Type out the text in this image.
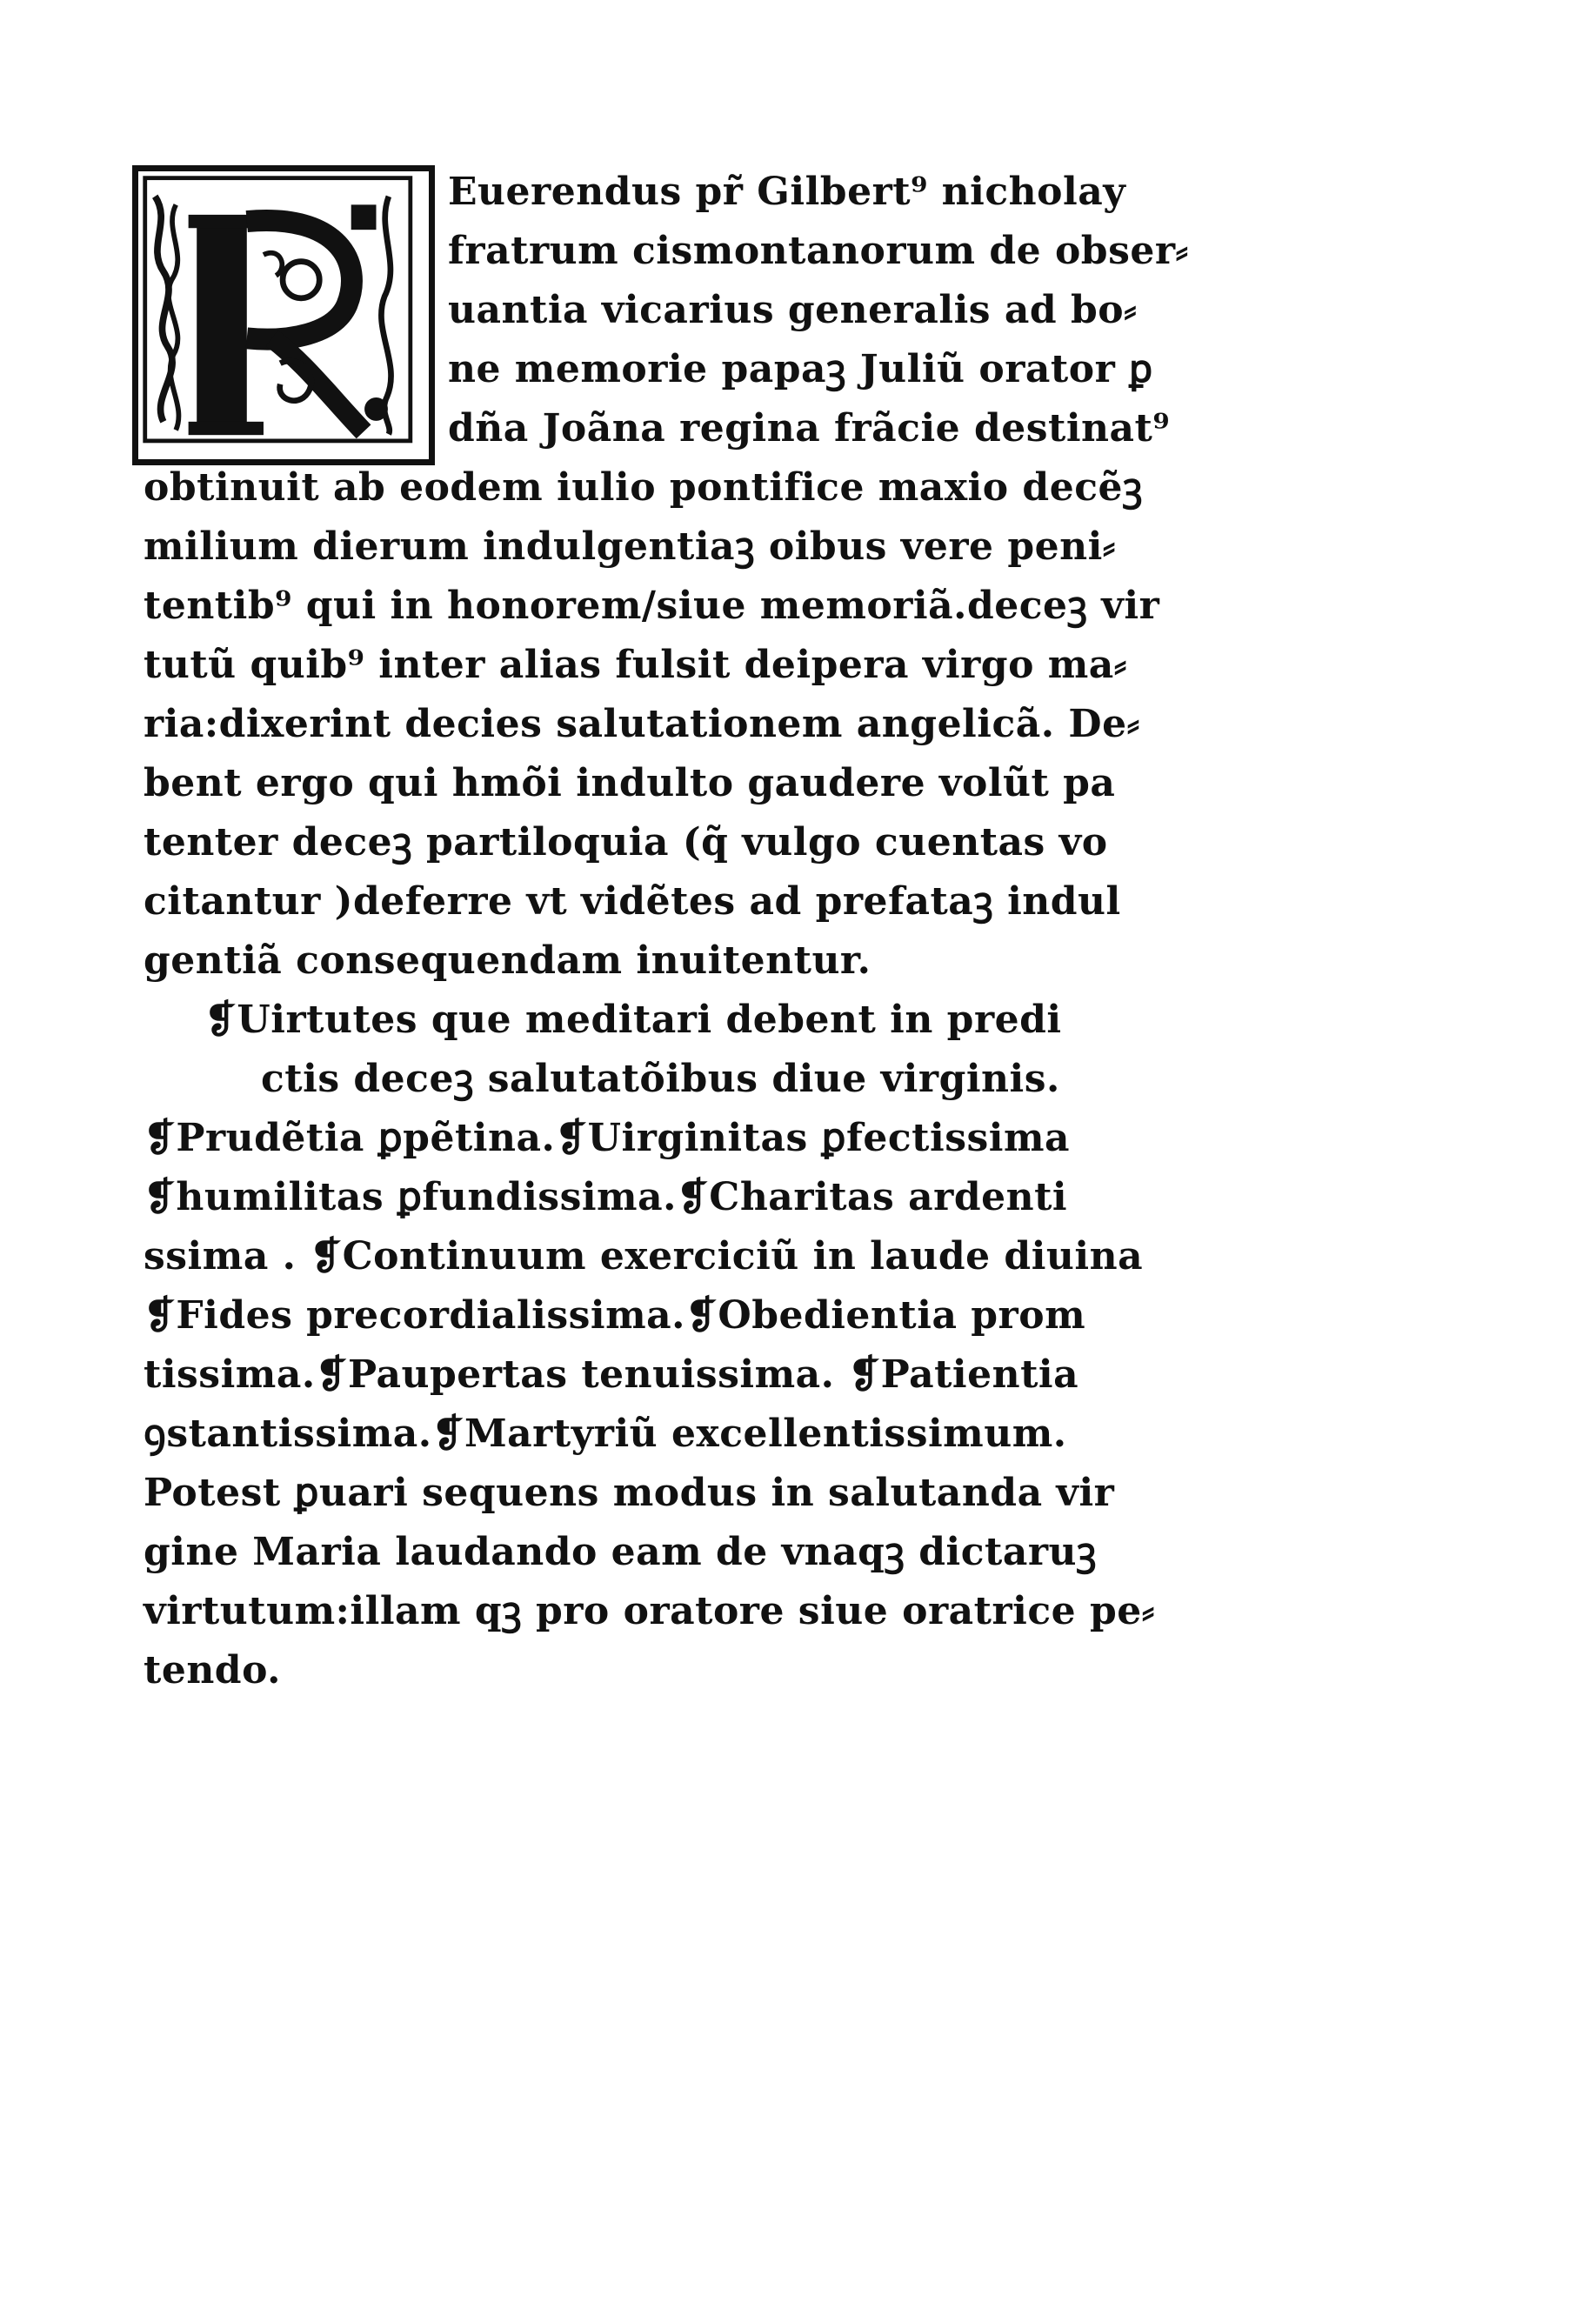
Euerendus pr̃ Gilbert⁹ nicholay
fratrum cismontanorum de obser⸗
uantia vicarius generalis ad bo⸗
ne memorie papaꝫ Juliũ orator ꝑ
dña Joãna regina frãcie destinat⁹
obtinuit ab eodem iulio pontifice maxio decẽꝫ
milium dierum indulgentiaꝫ oibus vere peni⸗
tentib⁹ qui in honorem/siue memoriã.deceꝫ vir
tutũ quib⁹ inter alias fulsit deipera virgo ma⸗
ria:dixerint decies salutationem angelicã. De⸗
bent ergo qui hmõi indulto gaudere volũt pa
tenter deceꝫ partiloquia (q̃ vulgo cuentas vo
citantur )deferre vt vidẽtes ad prefataꝫ indul
gentiã consequendam inuitentur.
❡Uirtutes que meditari debent in predi
ctis deceꝫ salutatõibus diue virginis.
❡Prudẽtia ꝑpẽtina.❡Uirginitas ꝑfectissima
❡humilitas ꝑfundissima.❡Charitas ardenti
ssima . ❡Continuum exerciciũ in laude diuina
❡Fides precordialissima.❡Obedientia prom
tissima.❡Paupertas tenuissima. ❡Patientia
ꝯstantissima.❡Martyriũ excellentissimum.
Potest ꝑuari sequens modus in salutanda vir
gine Maria laudando eam de vnaqꝫ dictaruꝫ
virtutum:illam qꝫ pro oratore siue oratrice pe⸗
tendo.
